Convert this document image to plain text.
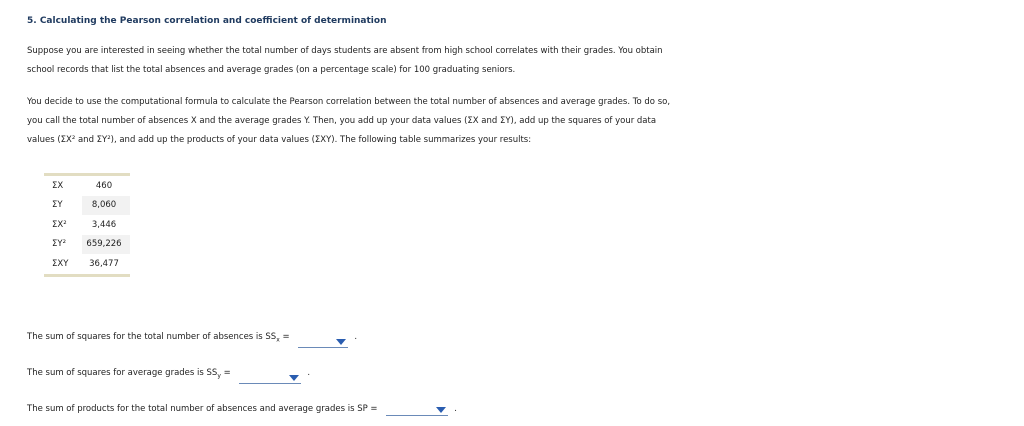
5. Calculating the Pearson correlation and coefficient of determination

Suppose you are interested in seeing whether the total number of days students are absent from high school correlates with their grades. You obtain

school records that list the total absences and average grades (on a percentage scale) for 100 graduating seniors.

You decide to use the computational formula to calculate the Pearson correlation between the total number of absences and average grades. To do so,

you call the total number of absences X and the average grades Y. Then, you add up your data values (ΣX and ΣY), add up the squares of your data

values (ΣX² and ΣY²), and add up the products of your data values (ΣXY). The following table summarizes your results:

ΣX	460
ΣY	8,060
ΣX²	3,446
ΣY²	659,226
ΣXY	36,477
The sum of squares for the total number of absences is $SS_x$ =	.
The sum of squares for average grades is $SS_y$ =	.
The sum of products for the total number of absences and average grades is SP =	.
